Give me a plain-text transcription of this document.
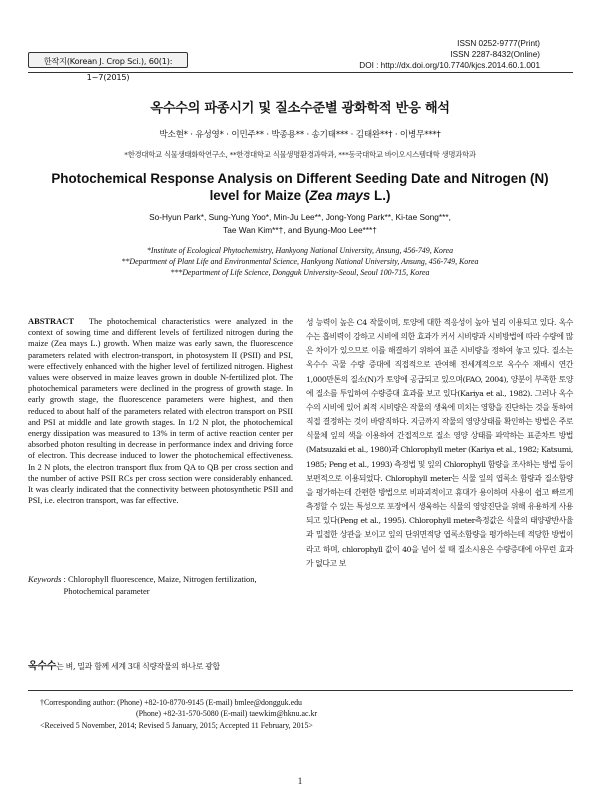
한작지(Korean J. Crop Sci.), 60(1): 1~7(2015)
ISSN 0252-9777(Print)
ISSN 2287-8432(Online)
DOI : http://dx.doi.org/10.7740/kjcs.2014.60.1.001
옥수수의 파종시기 및 질소수준별 광화학적 반응 해석
박소현* · 유성영* · 이민주** · 박종용** · 송기태*** · 김태완**† · 이병무***†
*한경대학교 식물생태화학연구소, **한경대학교 식물생명환경과학과, ***동국대학교 바이오시스템대학 생명과학과
Photochemical Response Analysis on Different Seeding Date and Nitrogen (N)
level for Maize (Zea mays L.)
So-Hyun Park*, Sung-Yung Yoo*, Min-Ju Lee**, Jong-Yong Park**, Ki-tae Song***,
Tae Wan Kim**†, and Byung-Moo Lee***†
*Institute of Ecological Phytochemistry, Hankyong National University, Ansung, 456-749, Korea
**Department of Plant Life and Environmental Science, Hankyong National University, Ansung, 456-749, Korea
***Department of Life Science, Dongguk University-Seoul, Seoul 100-715, Korea
ABSTRACT The photochemical characteristics were analyzed in the context of sowing time and different levels of fertilized nitrogen during the maize (Zea mays L.) growth. When maize was early sawn, the fluorescence parameters related with electron-transport, in photosystem II (PSII) and PSI, were effectively enhanced with the higher level of fertilized nitrogen. Highest values were observed in maize leaves grown in double N-fertilized plot. The photochemical parameters were declined in the progress of growth stage. In early growth stage, the fluorescence parameters were highest, and then reduced to about half of the parameters related with electron transport on PSII and PSI at middle and late growth stages. In 1/2 N plot, the photochemical energy dissipation was measured to 13% in term of active reaction center per absorbed photon resulting in decrease in performance index and driving force of electron. This decrease induced to lower the photochemical effectiveness. In 2 N plots, the electron transport flux from QA to QB per cross section and the number of active PSII RCs per cross section were considerably enhanced. It was clearly indicated that the connectivity between photosynthetic PSII and PSI, i.e. electron transport, was far effective.
Keywords : Chlorophyll fluorescence, Maize, Nitrogen fertilization, Photochemical parameter
옥수수는 벼, 밀과 함께 세계 3대 식량작물의 하나로 광합
성 능력이 높은 C4 작물이며, 토양에 대한 적응성이 높아 널리 이용되고 있다. 옥수수는 흡비력이 강하고 시비에 의한 효과가 커서 시비량과 시비방법에 따라 수량에 많은 차이가 있으므로 이를 해결하기 위하여 표준 시비량을 정하여 놓고 있다. 질소는 옥수수 곡물 수량 증대에 직접적으로 관여해 전세계적으로 옥수수 재배시 연간 1,000만톤의 질소(N)가 토양에 공급되고 있으며(FAO, 2004), 양분이 부족한 토양에 질소를 투입하여 수량증대 효과를 보고 있다(Kariya et al., 1982). 그러나 옥수수의 시비에 있어 최적 시비량은 작물의 생육에 미치는 영향을 진단하는 것을 통하여 직접 결정하는 것이 바람직하다. 지금까지 작물의 영양상태를 확인하는 방법은 주로 식물체 잎의 색을 이용하여 간접적으로 질소 영양 상태를 파악하는 표준차트 방법(Matsuzaki et al., 1980)과 Chlorophyll meter (Kariya et al., 1982; Katsumi, 1985; Peng et al., 1993) 측정법 및 잎의 Chlorophyll 함량을 조사하는 방법 등이 보편적으로 이용되었다. Chlorophyll meter는 식물 잎의 엽록소 함량과 질소함량을 평가하는데 간편한 방법으로 비파괴적이고 휴대가 용이하며 사용이 쉽고 빠르게 측정할 수 있는 특성으로 포장에서 생육하는 식물의 영양진단을 위해 유용하게 사용되고 있다(Peng et al., 1995). Chlorophyll meter측정값은 식물의 태양광반사율과 밀접한 상관을 보이고 잎의 단위면적당 엽록소함량을 평가하는데 적당한 방법이라고 하며, chlorophyll 값이 40을 넘어 설 때 질소시용은 수량증대에 아무런 효과가 없다고 보
†Corresponding author: (Phone) +82-10-8770-9145 (E-mail) bmlee@dongguk.edu
(Phone) +82-31-570-5080 (E-mail) taewkim@hknu.ac.kr
<Received 5 November, 2014; Revised 5 January, 2015; Accepted 11 February, 2015>
1
